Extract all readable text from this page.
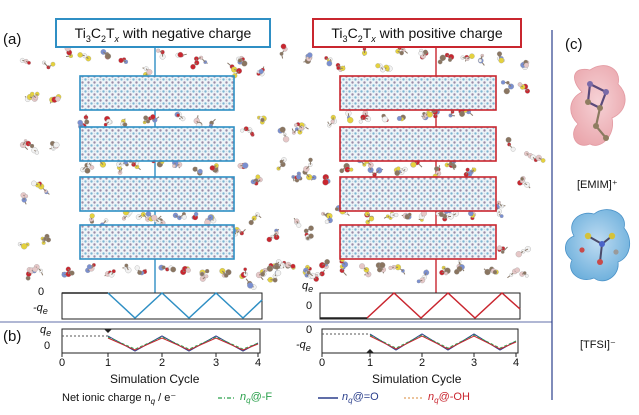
(a)
(b)
(c)
$Ti_3C_2T_x$ with negative charge	$Ti_3C_2T_x$ with positive charge
0
$-q_e$
$q_e$
0
$q_e$
0
0
$-q_e$
0	1	2	3	4	0	1	2	3	4
Simulation Cycle	Simulation Cycle
Net ionic charge $n_q / e^-$	$n_q@-F$	$n_q@=O$	$n_q@-OH$
[EMIM]⁺
[TFSI]⁻
